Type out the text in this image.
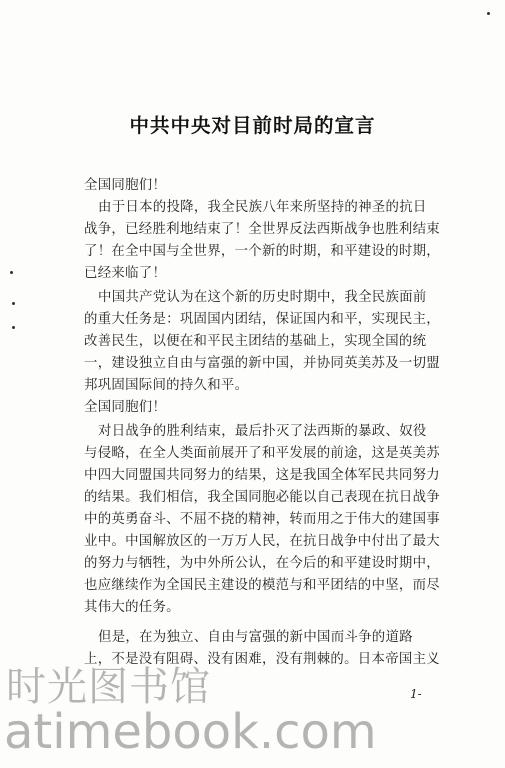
中共中央对目前时局的宣言
全国同胞们！
由于日本的投降，我全民族八年来所坚持的神圣的抗日
战争，已经胜利地结束了！全世界反法西斯战争也胜利结束
了！在全中国与全世界，一个新的时期，和平建设的时期，
已经来临了！
中国共产党认为在这个新的历史时期中，我全民族面前
的重大任务是：巩固国内团结，保证国内和平，实现民主，
改善民生，以便在和平民主团结的基础上，实现全国的统
一，建设独立自由与富强的新中国，并协同英美苏及一切盟
邦巩固国际间的持久和平。
全国同胞们！
对日战争的胜利结束，最后扑灭了法西斯的暴政、奴役
与侵略，在全人类面前展开了和平发展的前途，这是英美苏
中四大同盟国共同努力的结果，这是我国全体军民共同努力
的结果。我们相信，我全国同胞必能以自己表现在抗日战争
中的英勇奋斗、不屈不挠的精神，转而用之于伟大的建国事
业中。中国解放区的一万万人民，在抗日战争中付出了最大
的努力与牺牲，为中外所公认，在今后的和平建设时期中，
也应继续作为全国民主建设的模范与和平团结的中坚，而尽
其伟大的任务。
但是，在为独立、自由与富强的新中国而斗争的道路
上，不是没有阻碍、没有困难，没有荆棘的。日本帝国主义
1-
时光图书馆
atimebook.com
